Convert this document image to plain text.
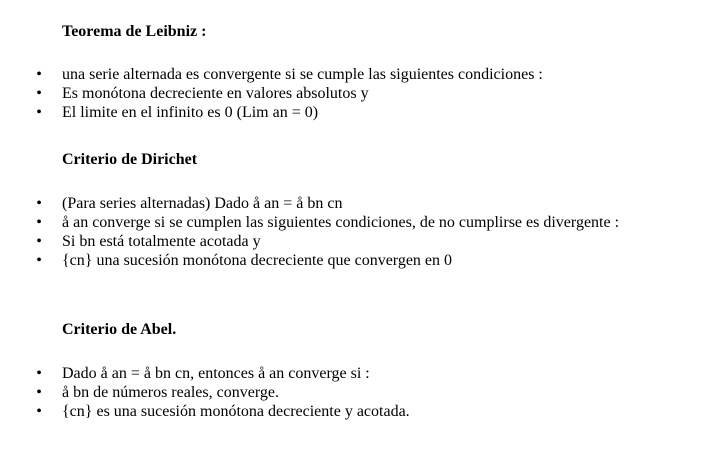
Teorema de Leibniz :

• una serie alternada es convergente si se cumple las siguientes condiciones :
• Es monótona decreciente en valores absolutos y
• El limite en el infinito es 0 (Lim an = 0)

Criterio de Dirichet

• (Para series alternadas) Dado å an = å bn cn
• å an converge si se cumplen las siguientes condiciones, de no cumplirse es divergente :
• Si bn está totalmente acotada y
• {cn} una sucesión monótona decreciente que convergen en 0

Criterio de Abel.

• Dado å an = å bn cn, entonces å an converge si :
• å bn de números reales, converge.
• {cn} es una sucesión monótona decreciente y acotada.
